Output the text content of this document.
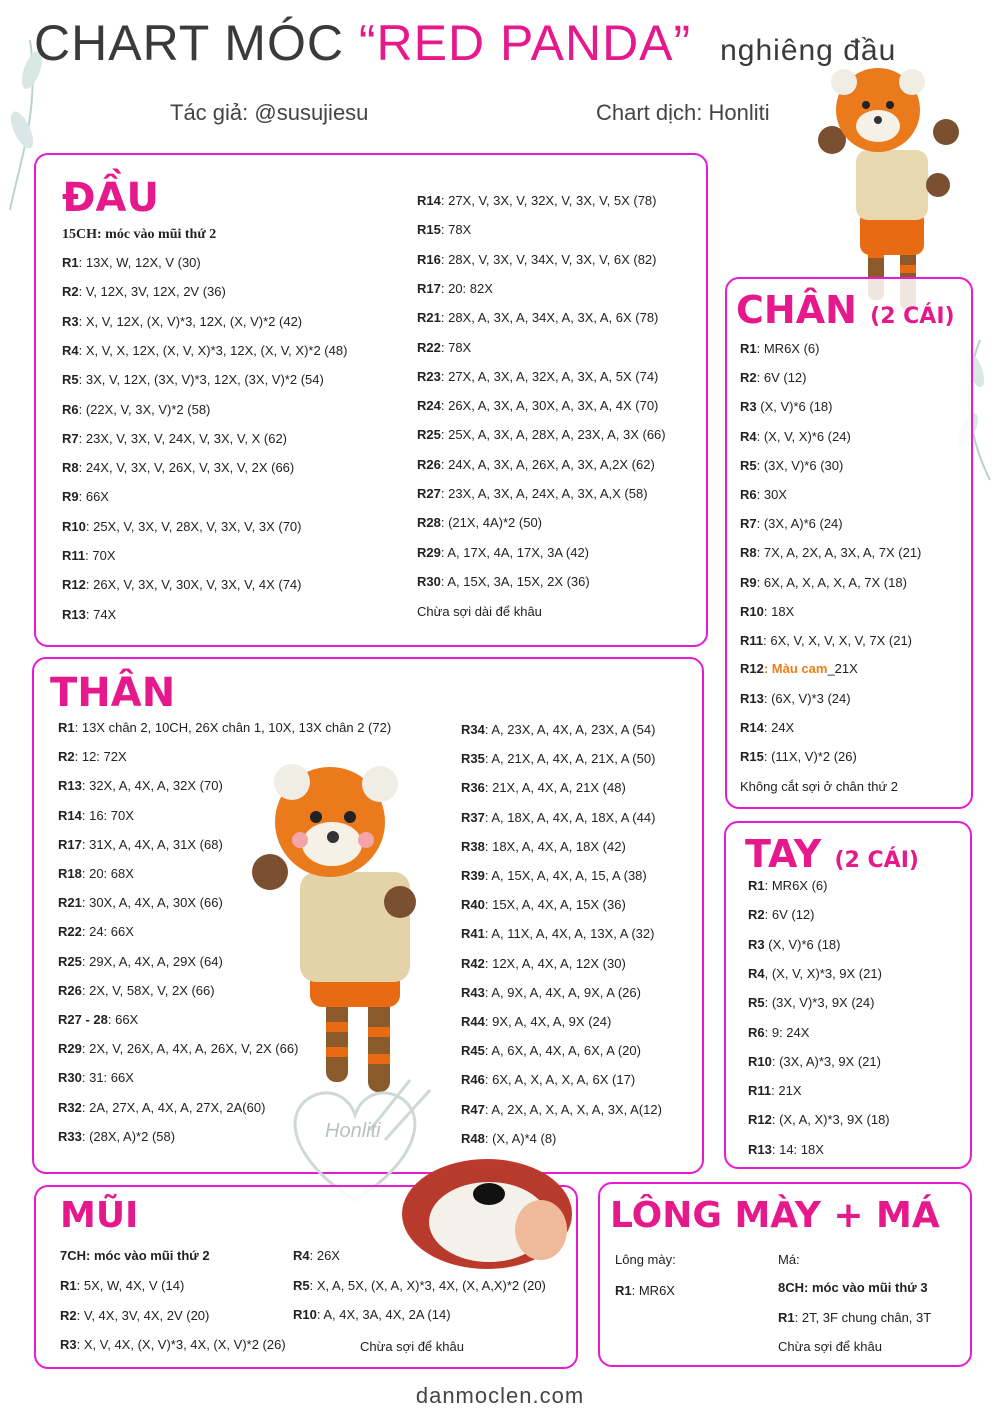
CHART MÓC “RED PANDA” nghiêng đầu
Tác giả: @susujiesu	Chart dịch: Honliti
ĐẦU
15CH: móc vào mũi thứ 2
R1: 13X, W, 12X, V (30)
R2: V, 12X, 3V, 12X, 2V (36)
R3: X, V, 12X, (X, V)*3, 12X, (X, V)*2 (42)
R4: X, V, X, 12X, (X, V, X)*3, 12X, (X, V, X)*2 (48)
R5: 3X, V, 12X, (3X, V)*3, 12X, (3X, V)*2 (54)
R6: (22X, V, 3X, V)*2 (58)
R7: 23X, V, 3X, V, 24X, V, 3X, V, X (62)
R8: 24X, V, 3X, V, 26X, V, 3X, V, 2X (66)
R9: 66X
R10: 25X, V, 3X, V, 28X, V, 3X, V, 3X (70)
R11: 70X
R12: 26X, V, 3X, V, 30X, V, 3X, V, 4X (74)
R13: 74X
R14: 27X, V, 3X, V, 32X, V, 3X, V, 5X (78)
R15: 78X
R16: 28X, V, 3X, V, 34X, V, 3X, V, 6X (82)
R17: 20: 82X
R21: 28X, A, 3X, A, 34X, A, 3X, A, 6X (78)
R22: 78X
R23: 27X, A, 3X, A, 32X, A, 3X, A, 5X (74)
R24: 26X, A, 3X, A, 30X, A, 3X, A, 4X (70)
R25: 25X, A, 3X, A, 28X, A, 23X, A, 3X (66)
R26: 24X, A, 3X, A, 26X, A, 3X, A,2X (62)
R27: 23X, A, 3X, A, 24X, A, 3X, A,X (58)
R28: (21X, 4A)*2 (50)
R29: A, 17X, 4A, 17X, 3A (42)
R30: A, 15X, 3A, 15X, 2X (36)
Chừa sợi dài để khâu
THÂN
R1: 13X chân 2, 10CH, 26X chân 1, 10X, 13X chân 2 (72)
R2: 12: 72X
R13: 32X, A, 4X, A, 32X (70)
R14: 16: 70X
R17: 31X, A, 4X, A, 31X (68)
R18: 20: 68X
R21: 30X, A, 4X, A, 30X (66)
R22: 24: 66X
R25: 29X, A, 4X, A, 29X (64)
R26: 2X, V, 58X, V, 2X (66)
R27 - 28: 66X
R29: 2X, V, 26X, A, 4X, A, 26X, V, 2X (66)
R30: 31: 66X
R32: 2A, 27X, A, 4X, A, 27X, 2A(60)
R33: (28X, A)*2 (58)
R34: A, 23X, A, 4X, A, 23X, A (54)
R35: A, 21X, A, 4X, A, 21X, A (50)
R36: 21X, A, 4X, A, 21X (48)
R37: A, 18X, A, 4X, A, 18X, A (44)
R38: 18X, A, 4X, A, 18X (42)
R39: A, 15X, A, 4X, A, 15, A (38)
R40: 15X, A, 4X, A, 15X (36)
R41: A, 11X, A, 4X, A, 13X, A (32)
R42: 12X, A, 4X, A, 12X (30)
R43: A, 9X, A, 4X, A, 9X, A (26)
R44: 9X, A, 4X, A, 9X (24)
R45: A, 6X, A, 4X, A, 6X, A (20)
R46: 6X, A, X, A, X, A, 6X (17)
R47: A, 2X, A, X, A, X, A, 3X, A(12)
R48: (X, A)*4 (8)
Honliti
CHÂN (2 CÁI)
R1: MR6X (6)
R2: 6V (12)
R3 (X, V)*6 (18)
R4: (X, V, X)*6 (24)
R5: (3X, V)*6 (30)
R6: 30X
R7: (3X, A)*6 (24)
R8: 7X, A, 2X, A, 3X, A, 7X (21)
R9: 6X, A, X, A, X, A, 7X (18)
R10: 18X
R11: 6X, V, X, V, X, V, 7X (21)
R12: Màu cam_21X
R13: (6X, V)*3 (24)
R14: 24X
R15: (11X, V)*2 (26)
Không cắt sợi ở chân thứ 2
TAY (2 CÁI)
R1: MR6X (6)
R2: 6V (12)
R3 (X, V)*6 (18)
R4, (X, V, X)*3, 9X (21)
R5: (3X, V)*3, 9X (24)
R6: 9: 24X
R10: (3X, A)*3, 9X (21)
R11: 21X
R12: (X, A, X)*3, 9X (18)
R13: 14: 18X
MŨI
7CH: móc vào mũi thứ 2
R1: 5X, W, 4X, V (14)
R2: V, 4X, 3V, 4X, 2V (20)
R3: X, V, 4X, (X, V)*3, 4X, (X, V)*2 (26)
R4: 26X
R5: X, A, 5X, (X, A, X)*3, 4X, (X, A,X)*2 (20)
R10: A, 4X, 3A, 4X, 2A (14)
Chừa sợi để khâu
LÔNG MÀY + MÁ
Lông mày:
R1: MR6X
Má:
8CH: móc vào mũi thứ 3
R1: 2T, 3F chung chân, 3T
Chừa sợi để khâu
danmoclen.com
